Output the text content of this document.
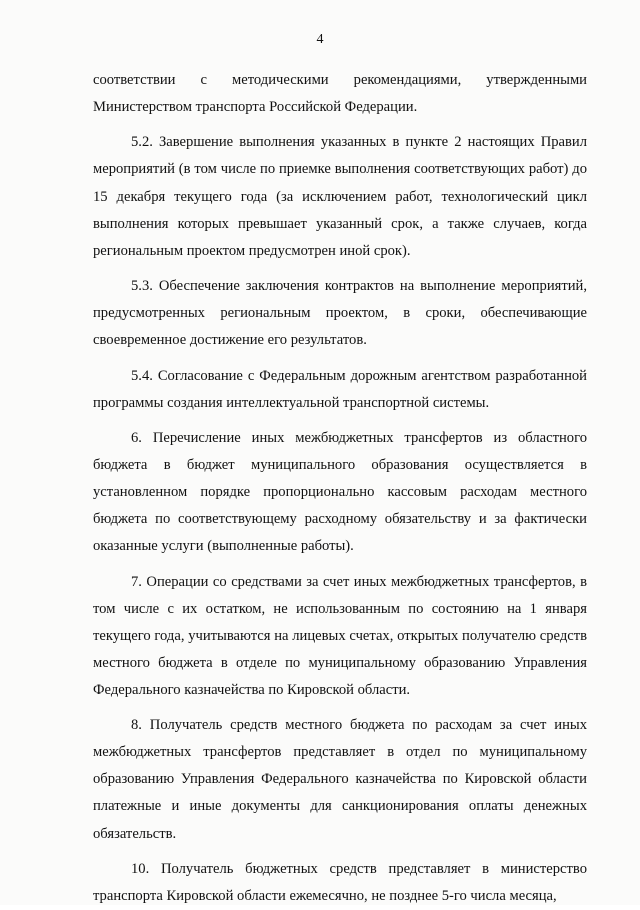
4

соответствии с методическими рекомендациями, утвержденными Министерством транспорта Российской Федерации.

5.2. Завершение выполнения указанных в пункте 2 настоящих Правил мероприятий (в том числе по приемке выполнения соответствующих работ) до 15 декабря текущего года (за исключением работ, технологический цикл выполнения которых превышает указанный срок, а также случаев, когда региональным проектом предусмотрен иной срок).

5.3. Обеспечение заключения контрактов на выполнение мероприятий, предусмотренных региональным проектом, в сроки, обеспечивающие своевременное достижение его результатов.

5.4. Согласование с Федеральным дорожным агентством разработанной программы создания интеллектуальной транспортной системы.

6. Перечисление иных межбюджетных трансфертов из областного бюджета в бюджет муниципального образования осуществляется в установленном порядке пропорционально кассовым расходам местного бюджета по соответствующему расходному обязательству и за фактически оказанные услуги (выполненные работы).

7. Операции со средствами за счет иных межбюджетных трансфертов, в том числе с их остатком, не использованным по состоянию на 1 января текущего года, учитываются на лицевых счетах, открытых получателю средств местного бюджета в отделе по муниципальному образованию Управления Федерального казначейства по Кировской области.

8. Получатель средств местного бюджета по расходам за счет иных межбюджетных трансфертов представляет в отдел по муниципальному образованию Управления Федерального казначейства по Кировской области платежные и иные документы для санкционирования оплаты денежных обязательств.

10. Получатель бюджетных средств представляет в министерство транспорта Кировской области ежемесячно, не позднее 5-го числа месяца,
